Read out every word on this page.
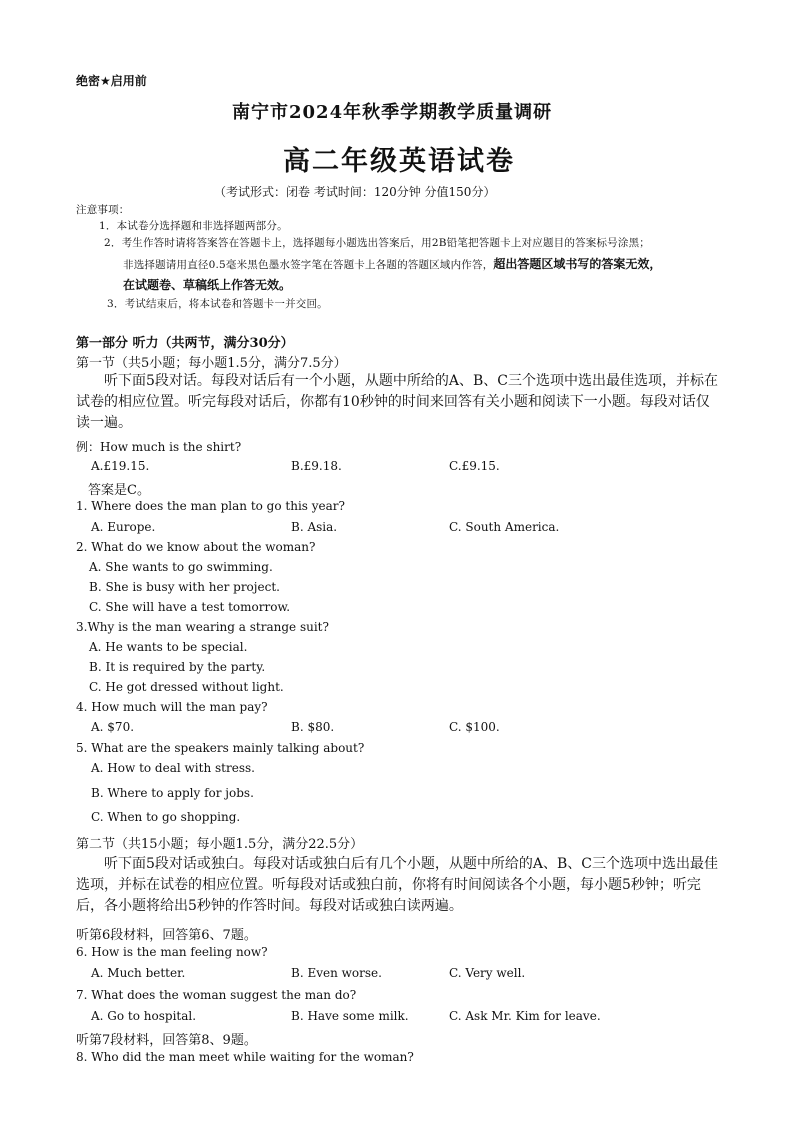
绝密★启用前
南宁市2024年秋季学期教学质量调研
高二年级英语试卷
（考试形式：闭卷 考试时间：120分钟 分值150分）
注意事项：
1．本试卷分选择题和非选择题两部分。
2．考生作答时请将答案答在答题卡上，选择题每小题选出答案后，用2B铅笔把答题卡上对应题目的答案标号涂黑；
非选择题请用直径0.5毫米黑色墨水签字笔在答题卡上各题的答题区域内作答，超出答题区域书写的答案无效，
在试题卷、草稿纸上作答无效。
3．考试结束后，将本试卷和答题卡一并交回。
第一部分 听力（共两节，满分30分）
第一节（共5小题；每小题1.5分，满分7.5分）
听下面5段对话。每段对话后有一个小题，从题中所给的A、B、C三个选项中选出最佳选项，并标在试卷的相应位置。听完每段对话后，你都有10秒钟的时间来回答有关小题和阅读下一小题。每段对话仅读一遍。
例：How much is the shirt?
A.£19.15.	B.£9.18.	C.£9.15.
答案是C。
1. Where does the man plan to go this year?
A. Europe.	B. Asia.	C. South America.
2. What do we know about the woman?
A. She wants to go swimming.
B. She is busy with her project.
C. She will have a test tomorrow.
3.Why is the man wearing a strange suit?
A. He wants to be special.
B. It is required by the party.
C. He got dressed without light.
4. How much will the man pay?
A. $70.	B. $80.	C. $100.
5. What are the speakers mainly talking about?
A. How to deal with stress.
B. Where to apply for jobs.
C. When to go shopping.
第二节（共15小题；每小题1.5分，满分22.5分）
听下面5段对话或独白。每段对话或独白后有几个小题，从题中所给的A、B、C三个选项中选出最佳选项，并标在试卷的相应位置。听每段对话或独白前，你将有时间阅读各个小题，每小题5秒钟；听完后，各小题将给出5秒钟的作答时间。每段对话或独白读两遍。
听第6段材料，回答第6、7题。
6. How is the man feeling now?
A. Much better.	B. Even worse.	C. Very well.
7. What does the woman suggest the man do?
A. Go to hospital.	B. Have some milk.	C. Ask Mr. Kim for leave.
听第7段材料，回答第8、9题。
8. Who did the man meet while waiting for the woman?
